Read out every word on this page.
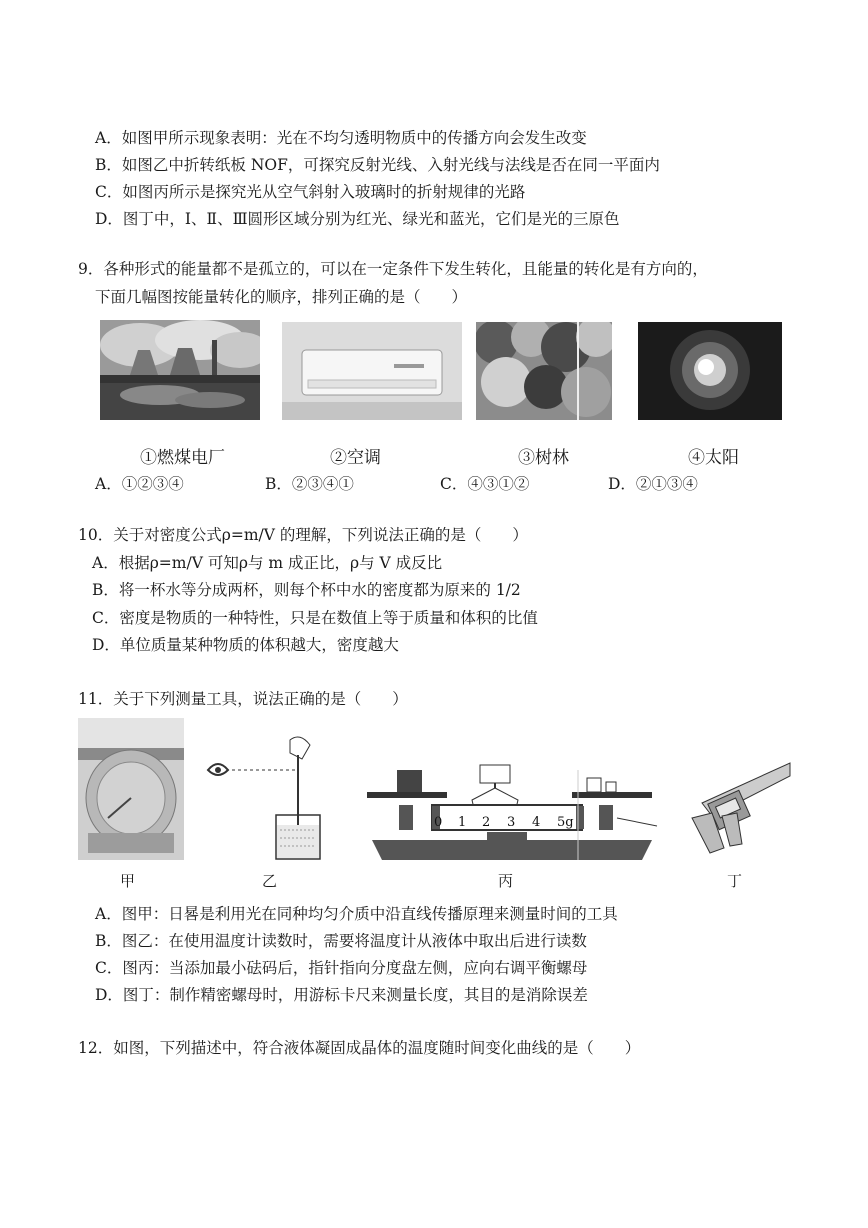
A．如图甲所示现象表明：光在不均匀透明物质中的传播方向会发生改变
B．如图乙中折转纸板 NOF，可探究反射光线、入射光线与法线是否在同一平面内
C．如图丙所示是探究光从空气斜射入玻璃时的折射规律的光路
D．图丁中，Ⅰ、Ⅱ、Ⅲ圆形区域分别为红光、绿光和蓝光，它们是光的三原色
9．各种形式的能量都不是孤立的，可以在一定条件下发生转化，且能量的转化是有方向的，
下面几幅图按能量转化的顺序，排列正确的是（　　）
①燃煤电厂	②空调	③树林	④太阳
A．①②③④	B．②③④①	C．④③①②	D．②①③④
10．关于对密度公式ρ=m/V 的理解，下列说法正确的是（　　）
A．根据ρ=m/V 可知ρ与 m 成正比，ρ与 V 成反比
B．将一杯水等分成两杯，则每个杯中水的密度都为原来的 1/2
C．密度是物质的一种特性，只是在数值上等于质量和体积的比值
D．单位质量某种物质的体积越大，密度越大
11．关于下列测量工具，说法正确的是（　　）
0 1 2 3 4 5g
甲	乙	丙	丁
A．图甲：日晷是利用光在同种均匀介质中沿直线传播原理来测量时间的工具
B．图乙：在使用温度计读数时，需要将温度计从液体中取出后进行读数
C．图丙：当添加最小砝码后，指针指向分度盘左侧，应向右调平衡螺母
D．图丁：制作精密螺母时，用游标卡尺来测量长度，其目的是消除误差
12．如图，下列描述中，符合液体凝固成晶体的温度随时间变化曲线的是（　　）
